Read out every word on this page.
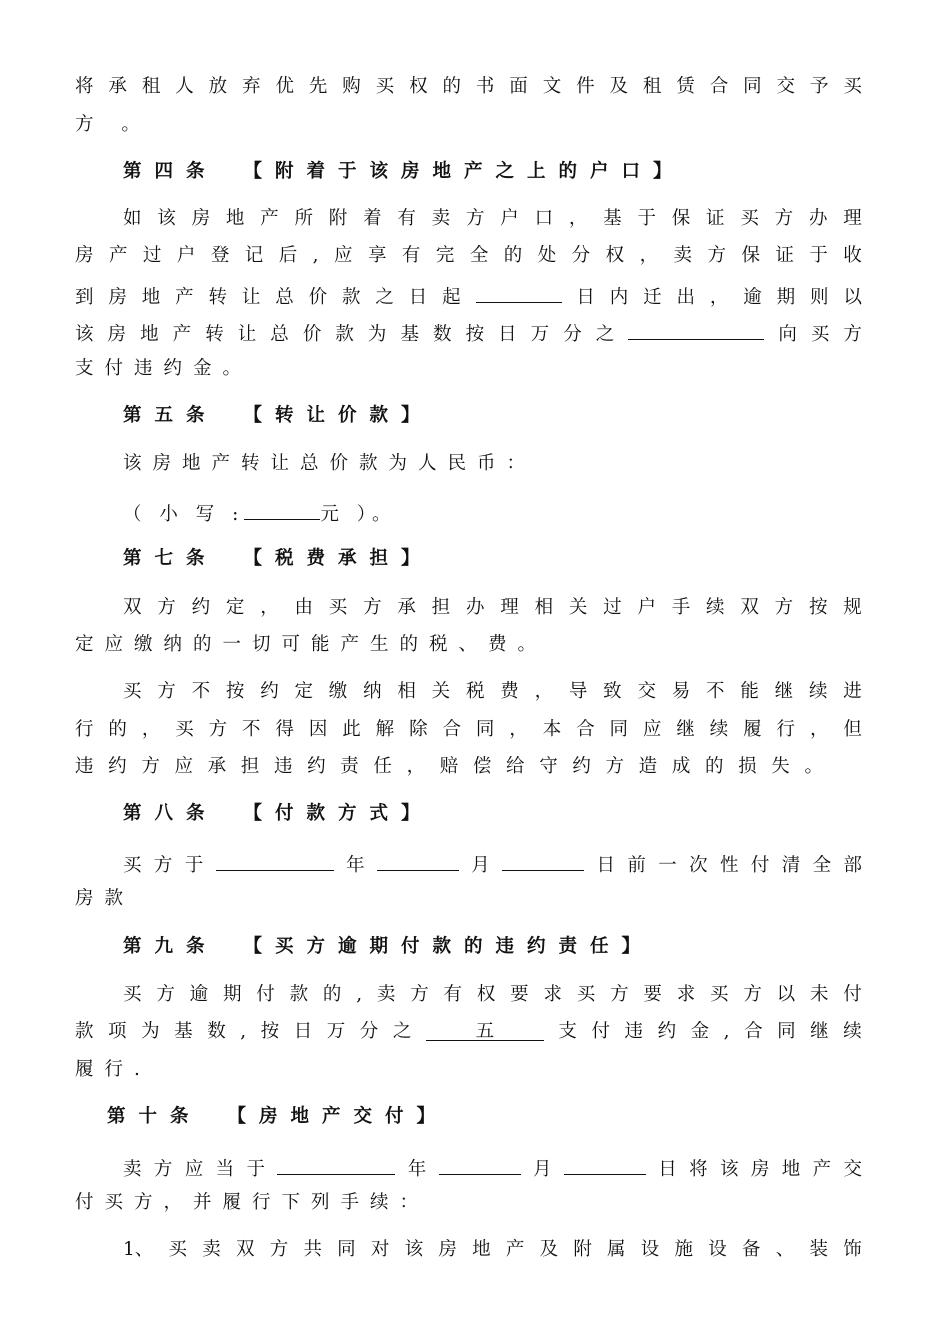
将 承 租 人 放 弃 优 先 购 买 权 的 书 面 文 件 及 租 赁 合 同 交 予 买
方 。
第四条 【附着于该房地产之上的户口】
如 该 房 地 产 所 附 着 有 卖 方 户 口 ， 基 于 保 证 买 方 办 理
房 产 过 户 登 记 后 , 应 享 有 完 全 的 处 分 权 ， 卖 方 保 证 于 收
到 房 地 产 转 让 总 价 款 之 日 起	日 内 迁 出 ， 逾 期 则 以
该 房 地 产 转 让 总 价 款 为 基 数 按 日 万 分 之	向 买 方
支付违约金。
第五条 【转让价款】
该房地产转让总价款为人民币：
（ 小 写 :	元 ）。
第七条 【税费承担】
双 方 约 定 ， 由 买 方 承 担 办 理 相 关 过 户 手 续 双 方 按 规
定应缴纳的一切可能产生的税、费。
买 方 不 按 约 定 缴 纳 相 关 税 费 ， 导 致 交 易 不 能 继 续 进
行 的 ， 买 方 不 得 因 此 解 除 合 同 ， 本 合 同 应 继 续 履 行 ， 但
违 约 方 应 承 担 违 约 责 任 ， 赔 偿 给 守 约 方 造 成 的 损 失 。
第八条 【付款方式】
买 方 于	年	月	日 前 一 次 性 付 清 全 部
房款
第九条 【买方逾期付款的违约责任】
买 方 逾 期 付 款 的 , 卖 方 有 权 要 求 买 方 要 求 买 方 以 未 付
款 项 为 基 数 , 按 日 万 分 之	五	支 付 违 约 金 , 合 同 继 续
履行.
第十条 【房地产交付】
卖 方 应 当 于	年	月	日 将 该 房 地 产 交
付买方，并履行下列手续：
1、 买 卖 双 方 共 同 对 该 房 地 产 及 附 属 设 施 设 备 、 装 饰
